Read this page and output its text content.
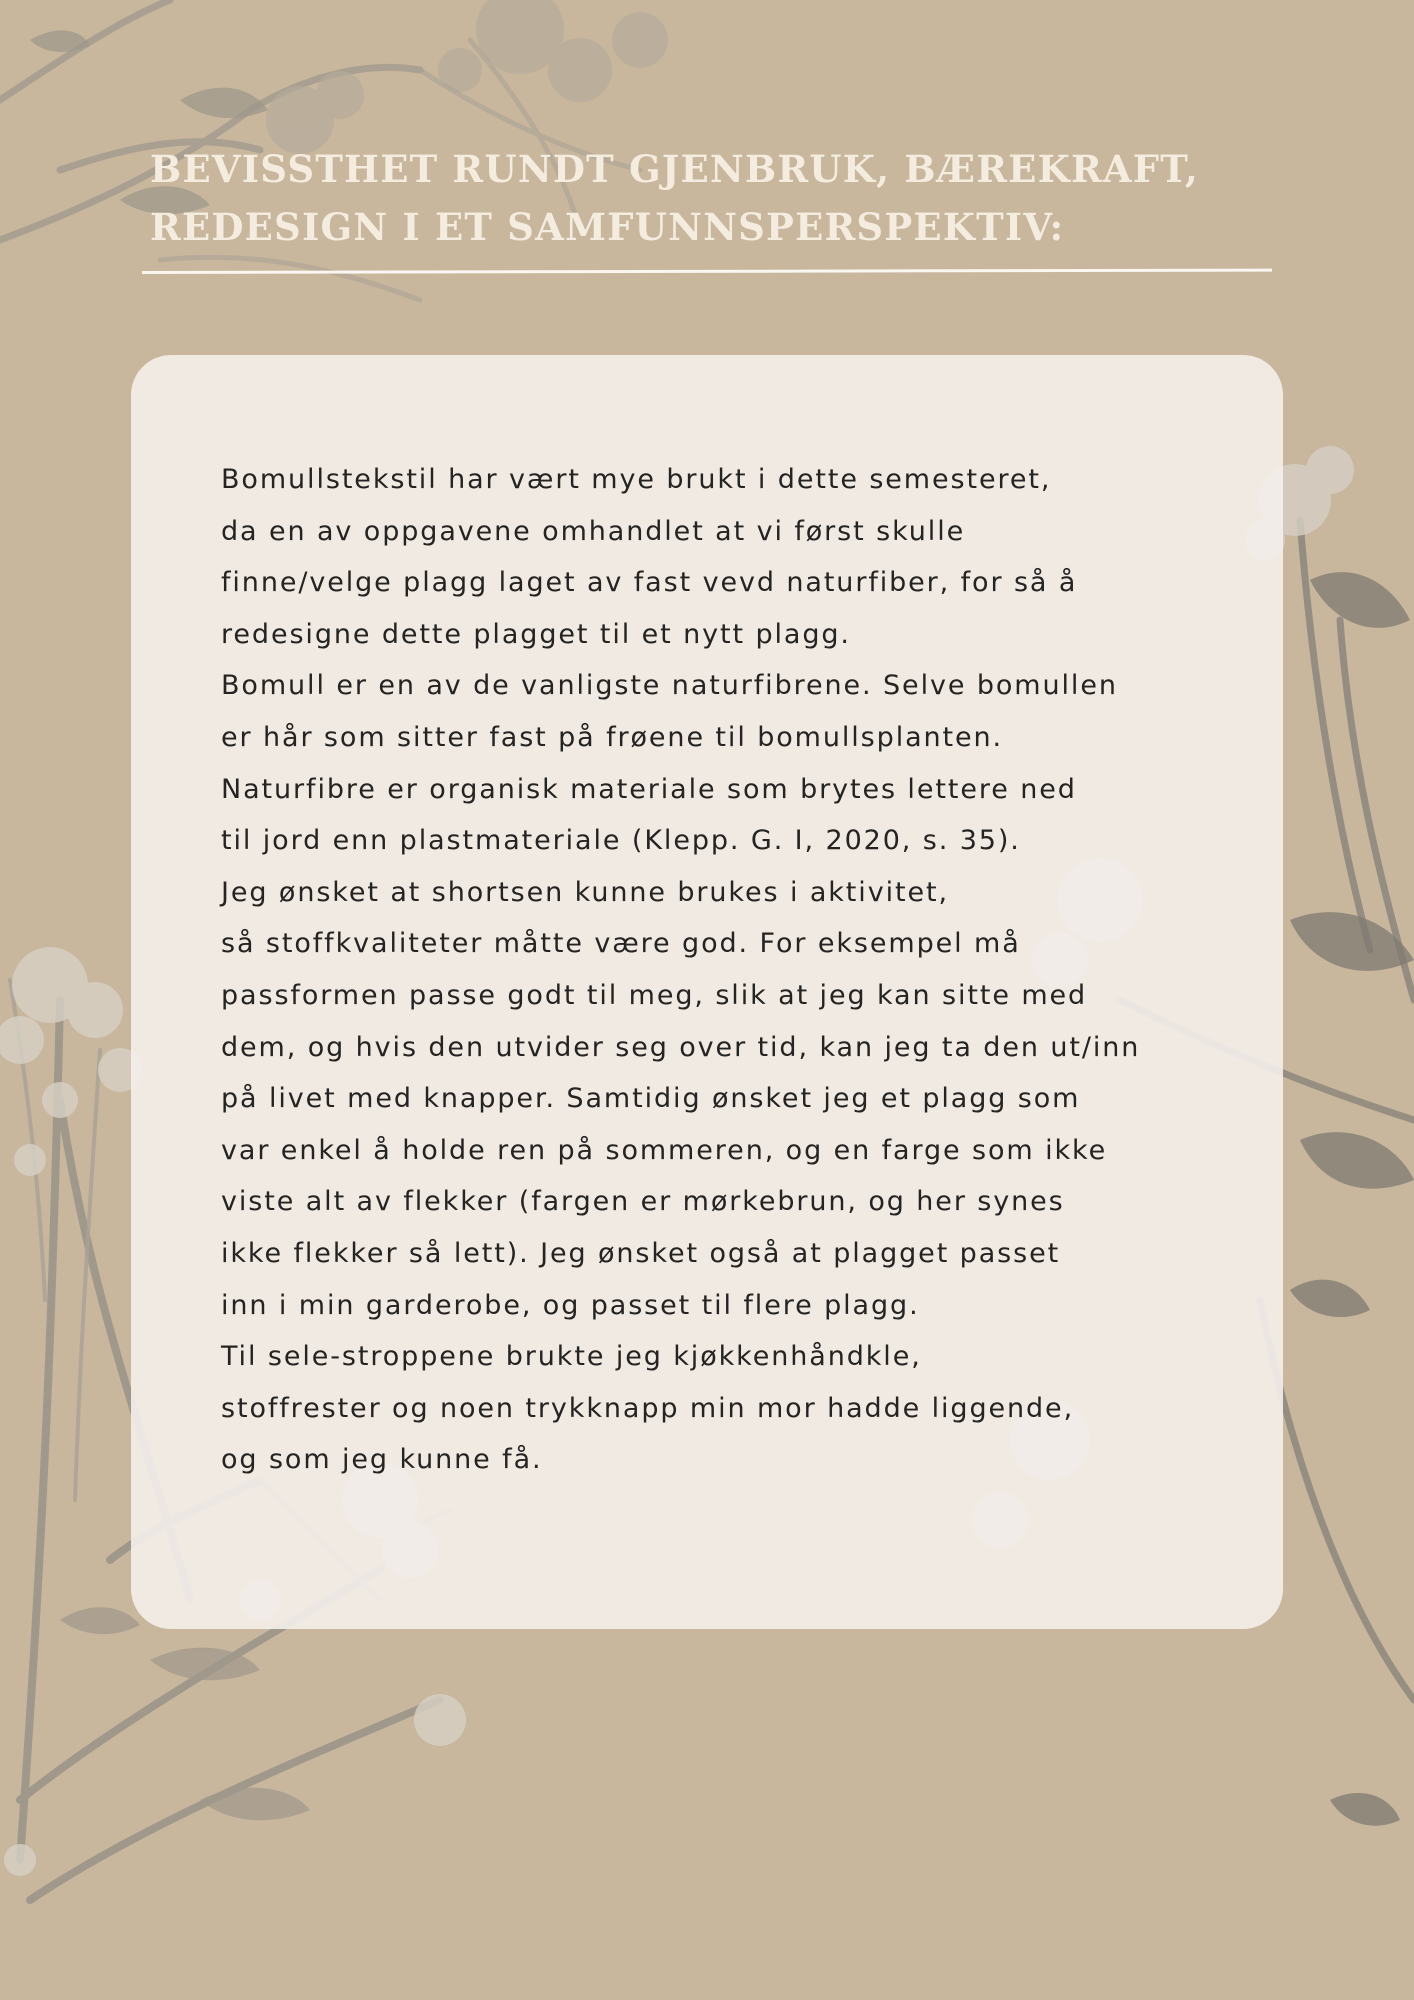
BEVISSTHET RUNDT GJENBRUK, BÆREKRAFT,
REDESIGN I ET SAMFUNNSPERSPEKTIV:

Bomullstekstil har vært mye brukt i dette semesteret,
da en av oppgavene omhandlet at vi først skulle
finne/velge plagg laget av fast vevd naturfiber, for så å
redesigne dette plagget til et nytt plagg.
Bomull er en av de vanligste naturfibrene. Selve bomullen
er hår som sitter fast på frøene til bomullsplanten.
Naturfibre er organisk materiale som brytes lettere ned
til jord enn plastmateriale (Klepp. G. I, 2020, s. 35).
Jeg ønsket at shortsen kunne brukes i aktivitet,
så stoffkvaliteter måtte være god. For eksempel må
passformen passe godt til meg, slik at jeg kan sitte med
dem, og hvis den utvider seg over tid, kan jeg ta den ut/inn
på livet med knapper. Samtidig ønsket jeg et plagg som
var enkel å holde ren på sommeren, og en farge som ikke
viste alt av flekker (fargen er mørkebrun, og her synes
ikke flekker så lett). Jeg ønsket også at plagget passet
inn i min garderobe, og passet til flere plagg.
Til sele-stroppene brukte jeg kjøkkenhåndkle,
stoffrester og noen trykknapp min mor hadde liggende,
og som jeg kunne få.
